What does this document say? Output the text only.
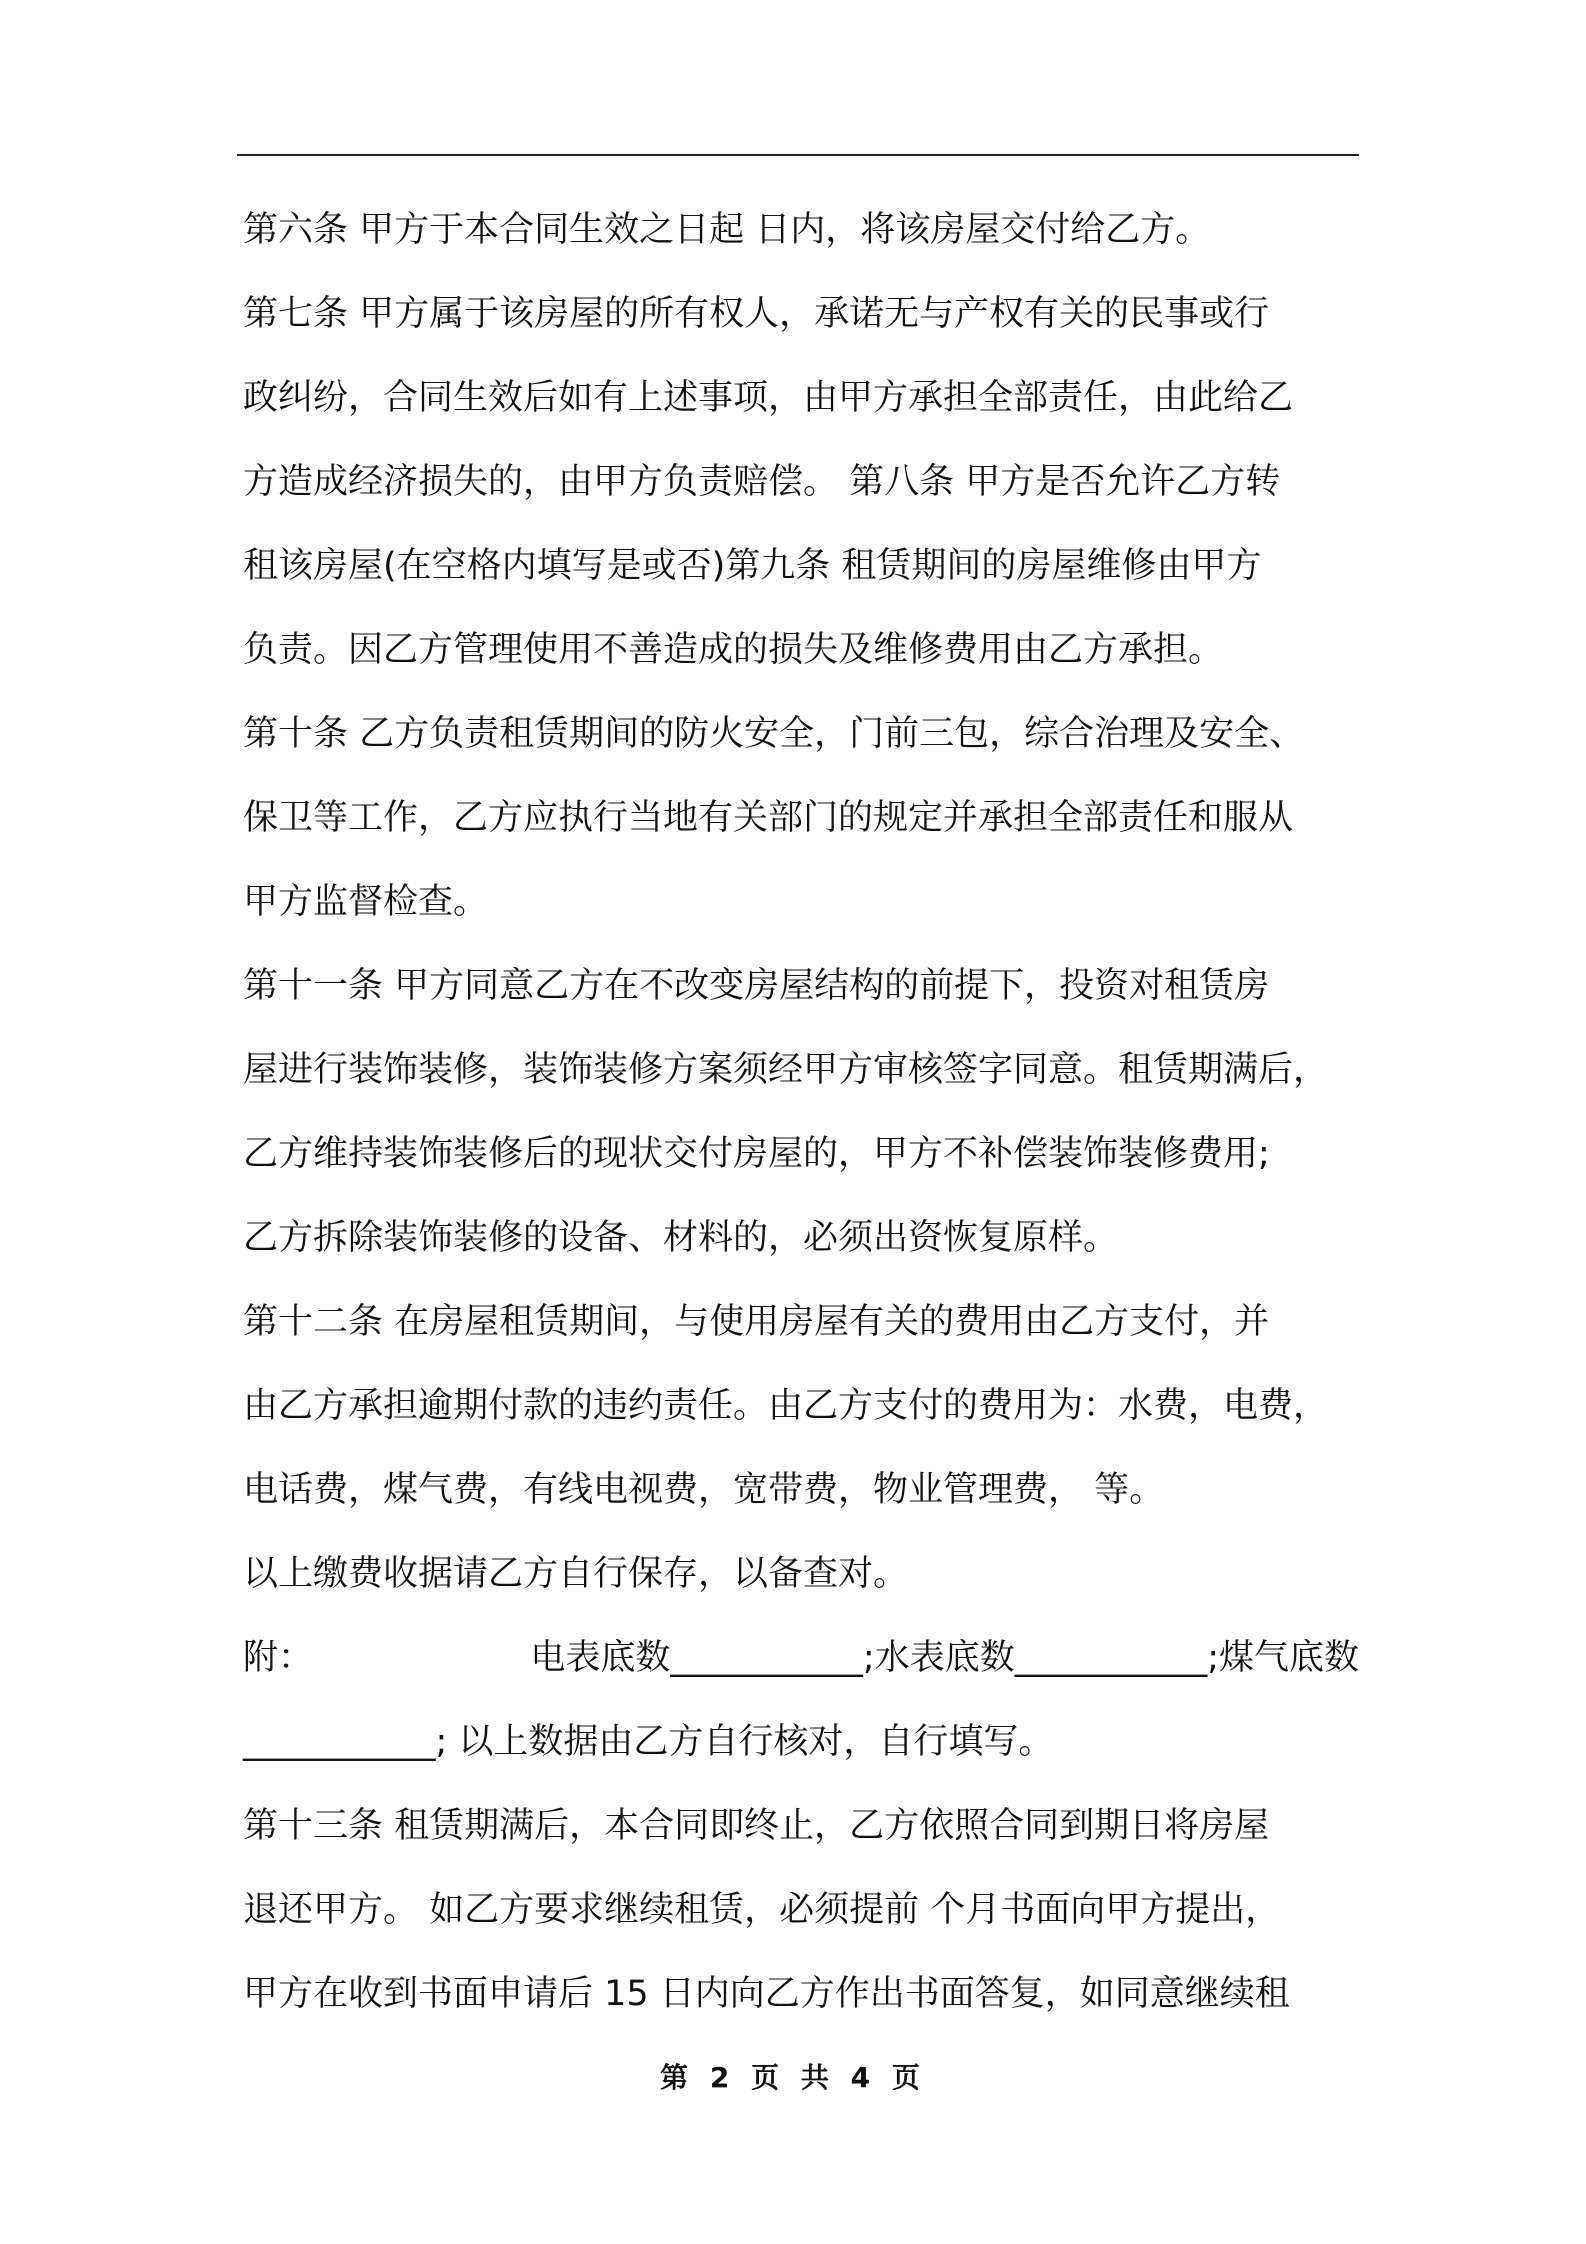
第六条 甲方于本合同生效之日起 日内，将该房屋交付给乙方。
第七条 甲方属于该房屋的所有权人，承诺无与产权有关的民事或行
政纠纷，合同生效后如有上述事项，由甲方承担全部责任，由此给乙
方造成经济损失的，由甲方负责赔偿。 第八条 甲方是否允许乙方转
租该房屋(在空格内填写是或否)第九条 租赁期间的房屋维修由甲方
负责。因乙方管理使用不善造成的损失及维修费用由乙方承担。
第十条 乙方负责租赁期间的防火安全，门前三包，综合治理及安全、
保卫等工作，乙方应执行当地有关部门的规定并承担全部责任和服从
甲方监督检查。
第十一条 甲方同意乙方在不改变房屋结构的前提下，投资对租赁房
屋进行装饰装修，装饰装修方案须经甲方审核签字同意。租赁期满后，
乙方维持装饰装修后的现状交付房屋的，甲方不补偿装饰装修费用;
乙方拆除装饰装修的设备、材料的，必须出资恢复原样。
第十二条 在房屋租赁期间，与使用房屋有关的费用由乙方支付，并
由乙方承担逾期付款的违约责任。由乙方支付的费用为：水费，电费，
电话费，煤气费，有线电视费，宽带费，物业管理费， 等。
以上缴费收据请乙方自行保存，以备查对。
附：	电表底数___________;水表底数___________;煤气底数
___________; 以上数据由乙方自行核对，自行填写。
第十三条 租赁期满后，本合同即终止，乙方依照合同到期日将房屋
退还甲方。 如乙方要求继续租赁，必须提前 个月书面向甲方提出，
甲方在收到书面申请后 15 日内向乙方作出书面答复，如同意继续租
第 2 页 共 4 页
